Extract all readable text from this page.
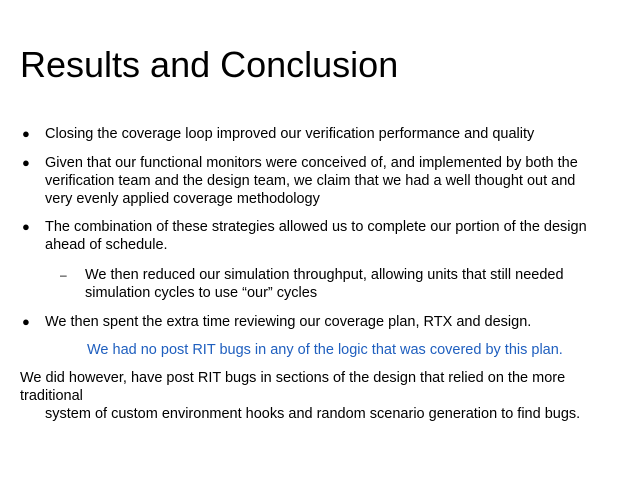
Results and Conclusion
● Closing the coverage loop improved our verification performance and quality
● Given that our functional monitors were conceived of, and implemented by both the verification team and the design team, we claim that we had a well thought out and very evenly applied coverage methodology
● The combination of these strategies allowed us to complete our portion of the design ahead of schedule.
– We then reduced our simulation throughput, allowing units that still needed simulation cycles to use “our” cycles
● We then spent the extra time reviewing our coverage plan, RTX and design.
We had no post RIT bugs in any of the logic that was covered by this plan.
We did however, have post RIT bugs in sections of the design that relied on the more traditional
system of custom environment hooks and random scenario generation to find bugs.
